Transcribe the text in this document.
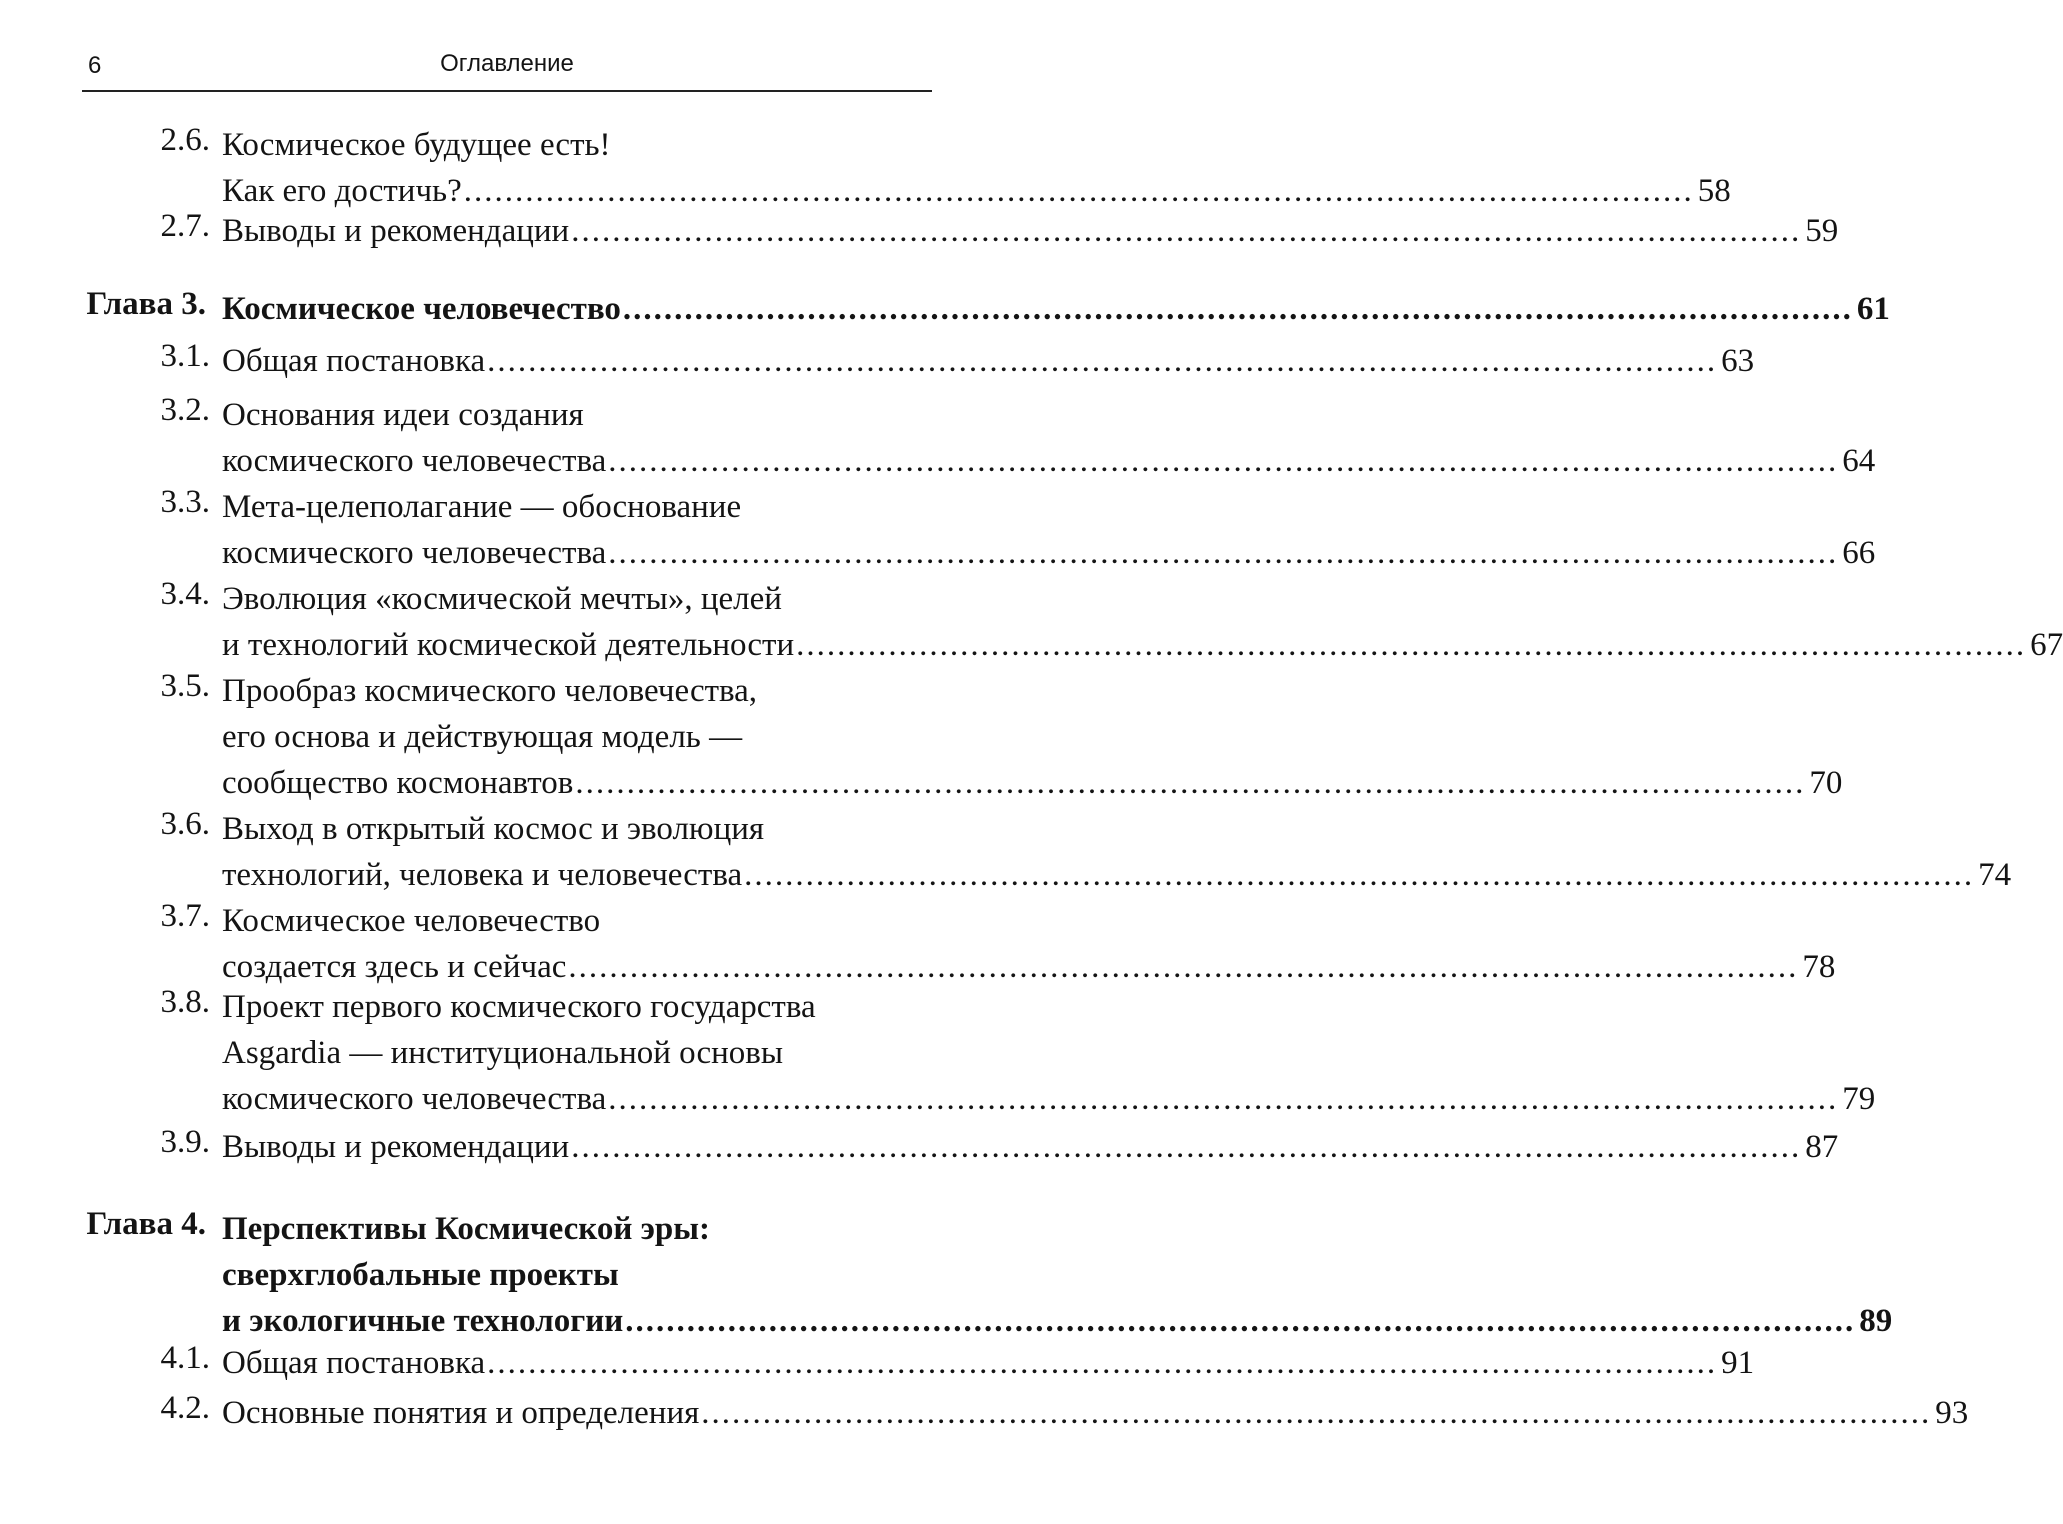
6	Оглавление
2.6. Космическое будущее есть!
Как его достичь? ........................................................................................................................ 58
2.7. Выводы и рекомендации ........................................................................................................................ 59
Глава 3. Космическое человечество ........................................................................................................................ 61
3.1. Общая постановка ........................................................................................................................ 63
3.2. Основания идеи создания
космического человечества ........................................................................................................................ 64
3.3. Мета-целеполагание — обоснование
космического человечества ........................................................................................................................ 66
3.4. Эволюция «космической мечты», целей
и технологий космической деятельности ........................................................................................................................ 67
3.5. Прообраз космического человечества,
его основа и действующая модель —
сообщество космонавтов ........................................................................................................................ 70
3.6. Выход в открытый космос и эволюция
технологий, человека и человечества ........................................................................................................................ 74
3.7. Космическое человечество
создается здесь и сейчас ........................................................................................................................ 78
3.8. Проект первого космического государства
Asgardia — институциональной основы
космического человечества ........................................................................................................................ 79
3.9. Выводы и рекомендации ........................................................................................................................ 87
Глава 4. Перспективы Космической эры:
сверхглобальные проекты
и экологичные технологии ........................................................................................................................ 89
4.1. Общая постановка ........................................................................................................................ 91
4.2. Основные понятия и определения ........................................................................................................................ 93
